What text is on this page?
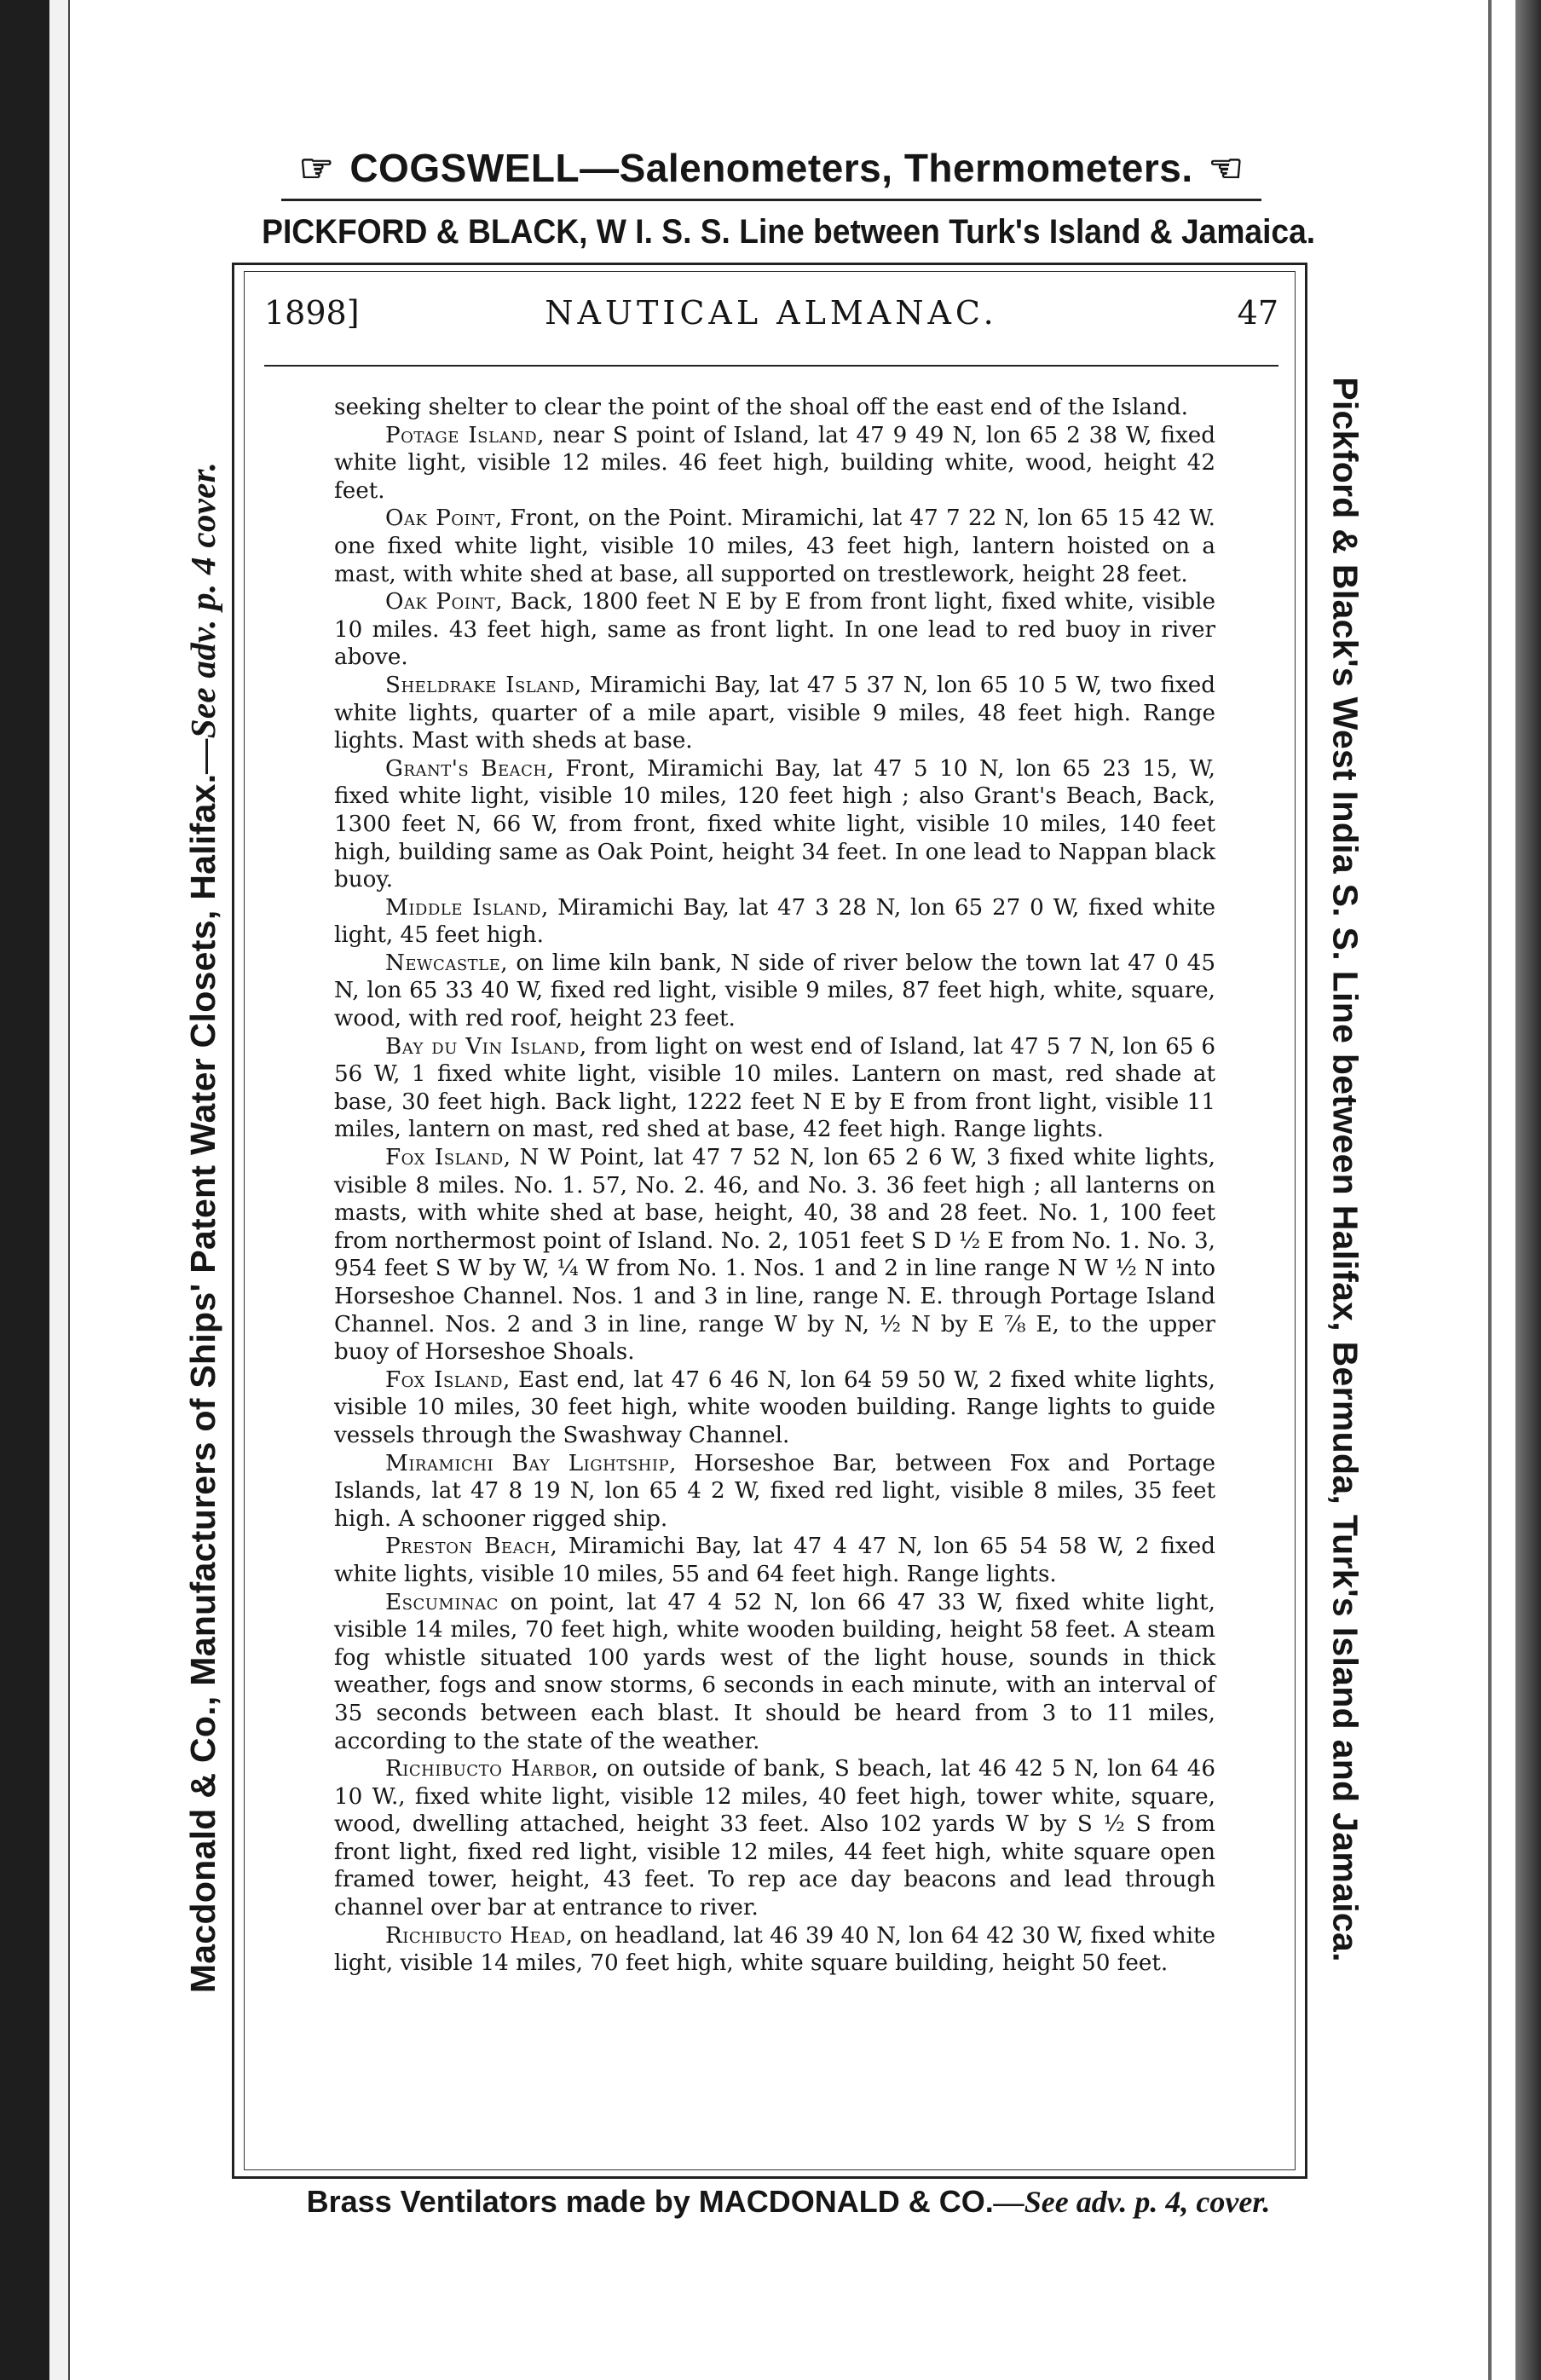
☞ COGSWELL—Salenometers, Thermometers. ☜
PICKFORD & BLACK, W I. S. S. Line between Turk's Island & Jamaica.
Macdonald & Co., Manufacturers of Ships' Patent Water Closets, Halifax.—See adv. p. 4 cover.	Pickford & Black's West India S. S. Line between Halifax, Bermuda, Turk's Island and Jamaica.
1898]	NAUTICAL ALMANAC.	47

seeking shelter to clear the point of the shoal off the east end of the Island.

Potage Island, near S point of Island, lat 47 9 49 N, lon 65 2 38 W, fixed white light, visible 12 miles. 46 feet high, building white, wood, height 42 feet.

Oak Point, Front, on the Point. Miramichi, lat 47 7 22 N, lon 65 15 42 W. one fixed white light, visible 10 miles, 43 feet high, lantern hoisted on a mast, with white shed at base, all supported on trestlework, height 28 feet.

Oak Point, Back, 1800 feet N E by E from front light, fixed white, visible 10 miles. 43 feet high, same as front light. In one lead to red buoy in river above.

Sheldrake Island, Miramichi Bay, lat 47 5 37 N, lon 65 10 5 W, two fixed white lights, quarter of a mile apart, visible 9 miles, 48 feet high. Range lights. Mast with sheds at base.

Grant's Beach, Front, Miramichi Bay, lat 47 5 10 N, lon 65 23 15, W, fixed white light, visible 10 miles, 120 feet high ; also Grant's Beach, Back, 1300 feet N, 66 W, from front, fixed white light, visible 10 miles, 140 feet high, building same as Oak Point, height 34 feet. In one lead to Nappan black buoy.

Middle Island, Miramichi Bay, lat 47 3 28 N, lon 65 27 0 W, fixed white light, 45 feet high.

Newcastle, on lime kiln bank, N side of river below the town lat 47 0 45 N, lon 65 33 40 W, fixed red light, visible 9 miles, 87 feet high, white, square, wood, with red roof, height 23 feet.

Bay du Vin Island, from light on west end of Island, lat 47 5 7 N, lon 65 6 56 W, 1 fixed white light, visible 10 miles. Lantern on mast, red shade at base, 30 feet high. Back light, 1222 feet N E by E from front light, visible 11 miles, lantern on mast, red shed at base, 42 feet high. Range lights.

Fox Island, N W Point, lat 47 7 52 N, lon 65 2 6 W, 3 fixed white lights, visible 8 miles. No. 1. 57, No. 2. 46, and No. 3. 36 feet high ; all lanterns on masts, with white shed at base, height, 40, 38 and 28 feet. No. 1, 100 feet from northermost point of Island. No. 2, 1051 feet S D ½ E from No. 1. No. 3, 954 feet S W by W, ¼ W from No. 1. Nos. 1 and 2 in line range N W ½ N into Horseshoe Channel. Nos. 1 and 3 in line, range N. E. through Portage Island Channel. Nos. 2 and 3 in line, range W by N, ½ N by E ⅞ E, to the upper buoy of Horseshoe Shoals.

Fox Island, East end, lat 47 6 46 N, lon 64 59 50 W, 2 fixed white lights, visible 10 miles, 30 feet high, white wooden building. Range lights to guide vessels through the Swashway Channel.

Miramichi Bay Lightship, Horseshoe Bar, between Fox and Portage Islands, lat 47 8 19 N, lon 65 4 2 W, fixed red light, visible 8 miles, 35 feet high. A schooner rigged ship.

Preston Beach, Miramichi Bay, lat 47 4 47 N, lon 65 54 58 W, 2 fixed white lights, visible 10 miles, 55 and 64 feet high. Range lights.

Escuminac on point, lat 47 4 52 N, lon 66 47 33 W, fixed white light, visible 14 miles, 70 feet high, white wooden building, height 58 feet. A steam fog whistle situated 100 yards west of the light house, sounds in thick weather, fogs and snow storms, 6 seconds in each minute, with an interval of 35 seconds between each blast. It should be heard from 3 to 11 miles, according to the state of the weather.

Richibucto Harbor, on outside of bank, S beach, lat 46 42 5 N, lon 64 46 10 W., fixed white light, visible 12 miles, 40 feet high, tower white, square, wood, dwelling attached, height 33 feet. Also 102 yards W by S ½ S from front light, fixed red light, visible 12 miles, 44 feet high, white square open framed tower, height, 43 feet. To rep ace day beacons and lead through channel over bar at entrance to river.

Richibucto Head, on headland, lat 46 39 40 N, lon 64 42 30 W, fixed white light, visible 14 miles, 70 feet high, white square building, height 50 feet.

Brass Ventilators made by MACDONALD & CO.—See adv. p. 4, cover.
